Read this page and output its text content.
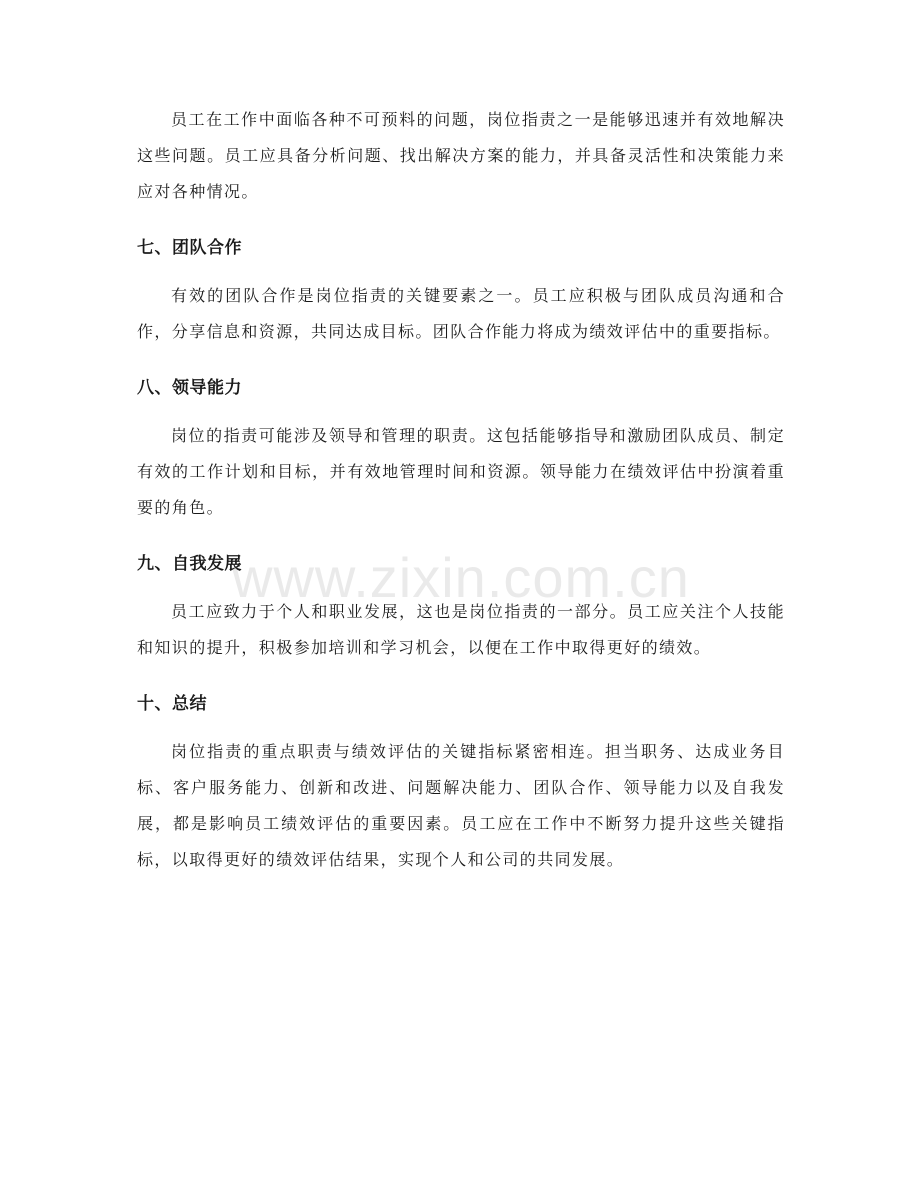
员工在工作中面临各种不可预料的问题，岗位指责之一是能够迅速并有效地解决这些问题。员工应具备分析问题、找出解决方案的能力，并具备灵活性和决策能力来应对各种情况。

七、团队合作

有效的团队合作是岗位指责的关键要素之一。员工应积极与团队成员沟通和合作，分享信息和资源，共同达成目标。团队合作能力将成为绩效评估中的重要指标。

八、领导能力

岗位的指责可能涉及领导和管理的职责。这包括能够指导和激励团队成员、制定有效的工作计划和目标，并有效地管理时间和资源。领导能力在绩效评估中扮演着重要的角色。

九、自我发展

员工应致力于个人和职业发展，这也是岗位指责的一部分。员工应关注个人技能和知识的提升，积极参加培训和学习机会，以便在工作中取得更好的绩效。

十、总结

岗位指责的重点职责与绩效评估的关键指标紧密相连。担当职务、达成业务目标、客户服务能力、创新和改进、问题解决能力、团队合作、领导能力以及自我发展，都是影响员工绩效评估的重要因素。员工应在工作中不断努力提升这些关键指标，以取得更好的绩效评估结果，实现个人和公司的共同发展。

www.zixin.com.cn
